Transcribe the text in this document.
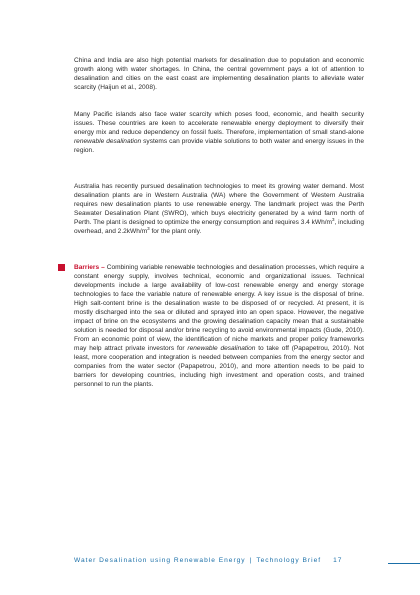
China and India are also high potential markets for desalination due to population and economic growth along with water shortages. In China, the central government pays a lot of attention to desalination and cities on the east coast are implementing desalination plants to alleviate water scarcity (Haijun et al., 2008).

Many Pacific islands also face water scarcity which poses food, economic, and health security issues. These countries are keen to accelerate renewable energy deployment to diversify their energy mix and reduce dependency on fossil fuels. Therefore, implementation of small stand-alone renewable desalination systems can provide viable solutions to both water and energy issues in the region.

Australia has recently pursued desalination technologies to meet its growing water demand. Most desalination plants are in Western Australia (WA) where the Government of Western Australia requires new desalination plants to use renewable energy. The landmark project was the Perth Seawater Desalination Plant (SWRO), which buys electricity generated by a wind farm north of Perth. The plant is designed to optimize the energy consumption and requires 3.4 kWh/$m^3$, including overhead, and $2.2kWh/m^3$ for the plant only.

Barriers – Combining variable renewable technologies and desalination processes, which require a constant energy supply, involves technical, economic and organizational issues. Technical developments include a large availability of low-cost renewable energy and energy storage technologies to face the variable nature of renewable energy. A key issue is the disposal of brine. High salt-content brine is the desalination waste to be disposed of or recycled. At present, it is mostly discharged into the sea or diluted and sprayed into an open space. However, the negative impact of brine on the ecosystems and the growing desalination capacity mean that a sustainable solution is needed for disposal and/or brine recycling to avoid environmental impacts (Gude, 2010). From an economic point of view, the identification of niche markets and proper policy frameworks may help attract private investors for renewable desalination to take off (Papapetrou, 2010). Not least, more cooperation and integration is needed between companies from the energy sector and companies from the water sector (Papapetrou, 2010), and more attention needs to be paid to barriers for developing countries, including high investment and operation costs, and trained personnel to run the plants.

Water Desalination using Renewable Energy | Technology Brief 17
